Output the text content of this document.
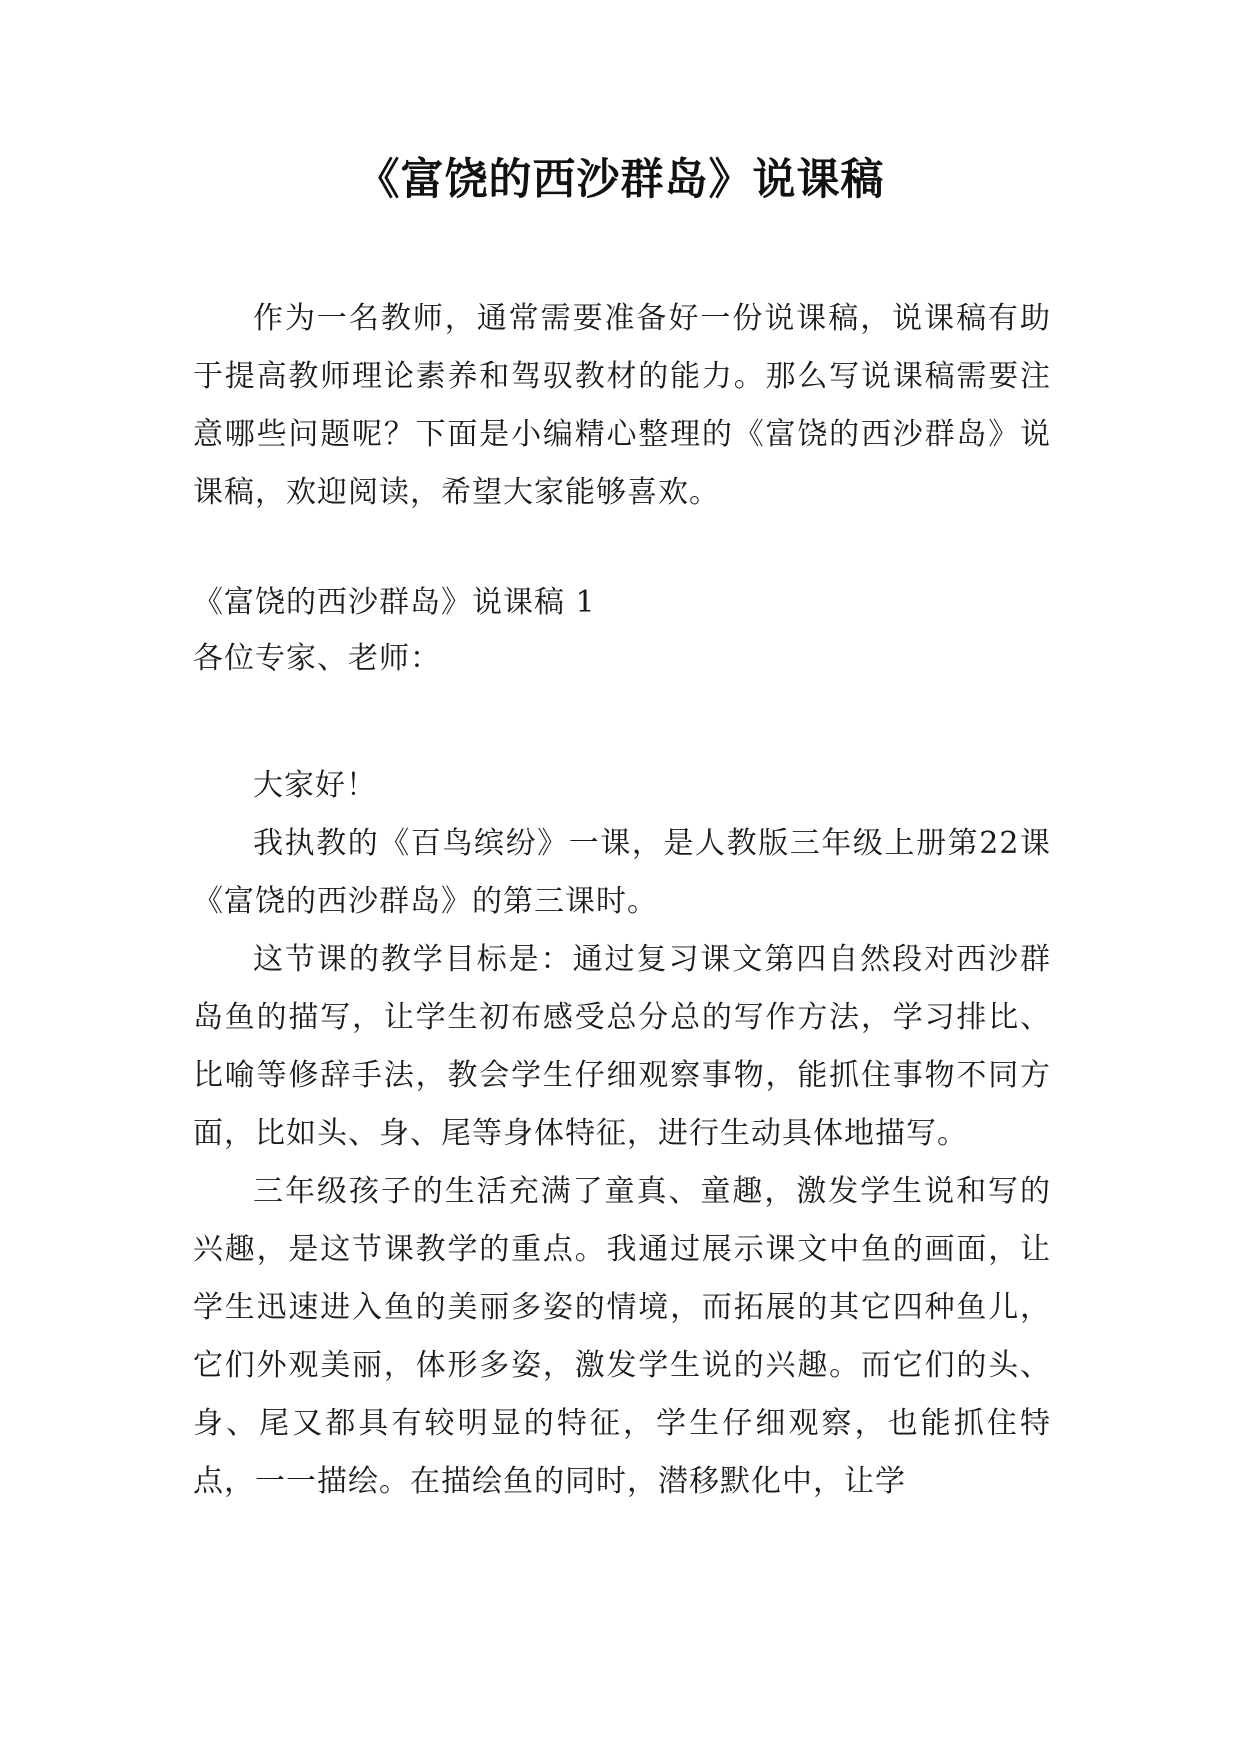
《富饶的西沙群岛》说课稿

作为一名教师，通常需要准备好一份说课稿，说课稿有助于提高教师理论素养和驾驭教材的能力。那么写说课稿需要注意哪些问题呢？下面是小编精心整理的《富饶的西沙群岛》说课稿，欢迎阅读，希望大家能够喜欢。

《富饶的西沙群岛》说课稿 1

各位专家、老师：

大家好！

我执教的《百鸟缤纷》一课，是人教版三年级上册第22课《富饶的西沙群岛》的第三课时。

这节课的教学目标是：通过复习课文第四自然段对西沙群岛鱼的描写，让学生初布感受总分总的写作方法，学习排比、比喻等修辞手法，教会学生仔细观察事物，能抓住事物不同方面，比如头、身、尾等身体特征，进行生动具体地描写。

三年级孩子的生活充满了童真、童趣，激发学生说和写的兴趣，是这节课教学的重点。我通过展示课文中鱼的画面，让学生迅速进入鱼的美丽多姿的情境，而拓展的其它四种鱼儿，它们外观美丽，体形多姿，激发学生说的兴趣。而它们的头、身、尾又都具有较明显的特征，学生仔细观察，也能抓住特点，一一描绘。在描绘鱼的同时，潜移默化中，让学
